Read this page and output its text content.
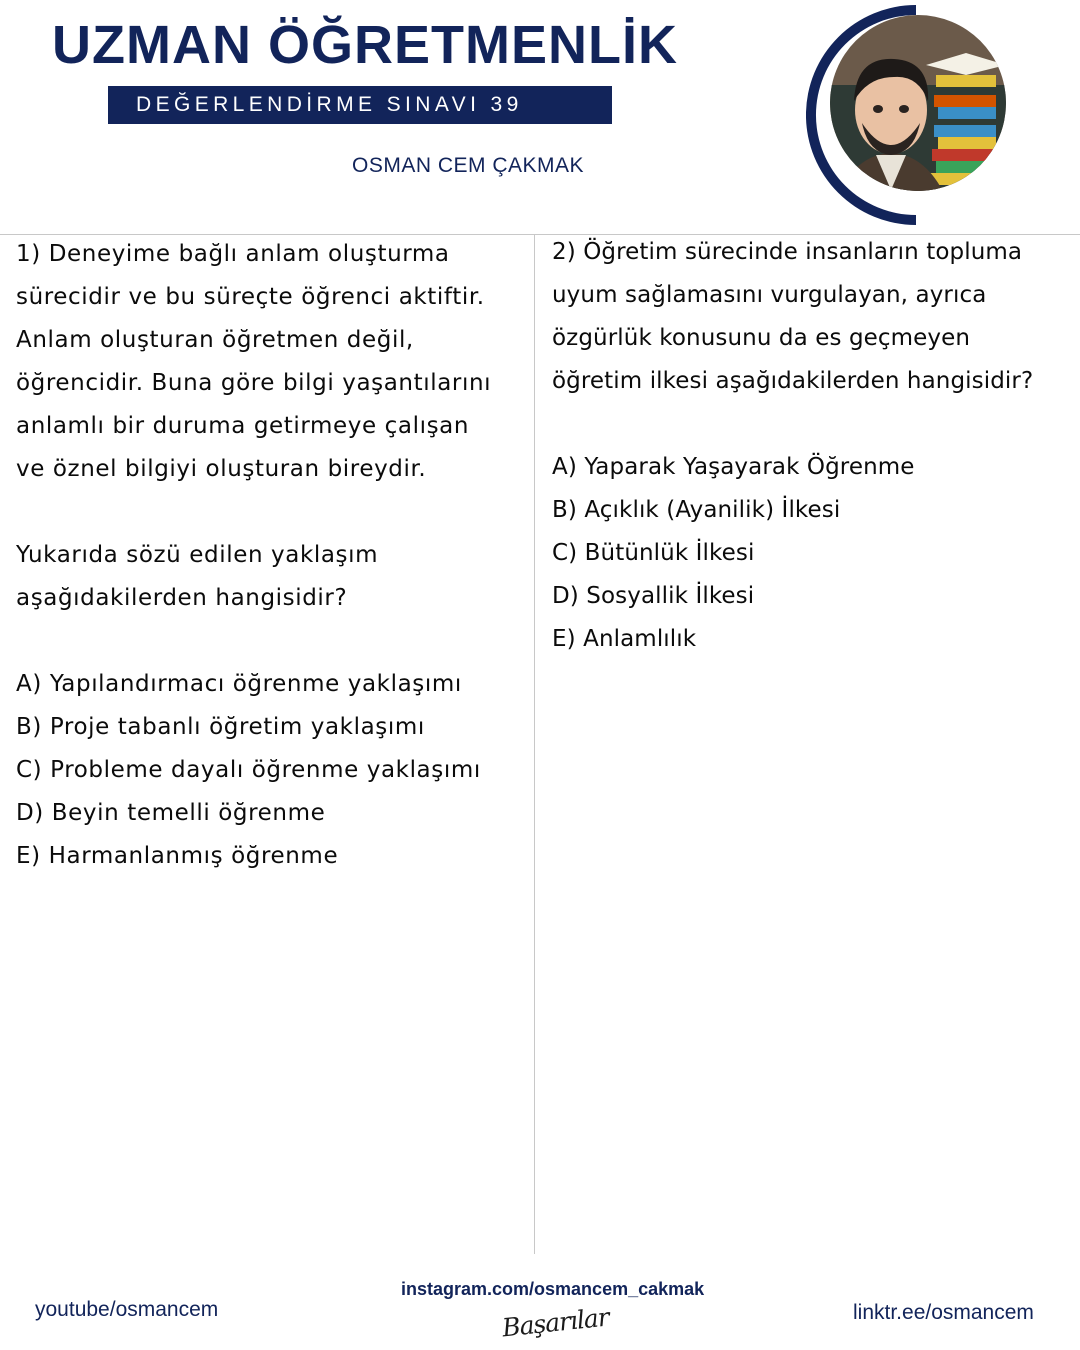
UZMAN ÖĞRETMENLİK
DEĞERLENDİRME SINAVI 39
OSMAN CEM ÇAKMAK

1) Deneyime bağlı anlam oluşturma

sürecidir ve bu süreçte öğrenci aktiftir.

Anlam oluşturan öğretmen değil,

öğrencidir. Buna göre bilgi yaşantılarını

anlamlı bir duruma getirmeye çalışan

ve öznel bilgiyi oluşturan bireydir.

Yukarıda sözü edilen yaklaşım

aşağıdakilerden hangisidir?

A) Yapılandırmacı öğrenme yaklaşımı

B) Proje tabanlı öğretim yaklaşımı

C) Probleme dayalı öğrenme yaklaşımı

D) Beyin temelli öğrenme

E) Harmanlanmış öğrenme

2) Öğretim sürecinde insanların topluma

uyum sağlamasını vurgulayan, ayrıca

özgürlük konusunu da es geçmeyen

öğretim ilkesi aşağıdakilerden hangisidir?

A) Yaparak Yaşayarak Öğrenme

B) Açıklık (Ayanilik) İlkesi

C) Bütünlük İlkesi

D) Sosyallik İlkesi

E) Anlamlılık

youtube/osmancem
instagram.com/osmancem_cakmak
linktr.ee/osmancem
Başarılar
